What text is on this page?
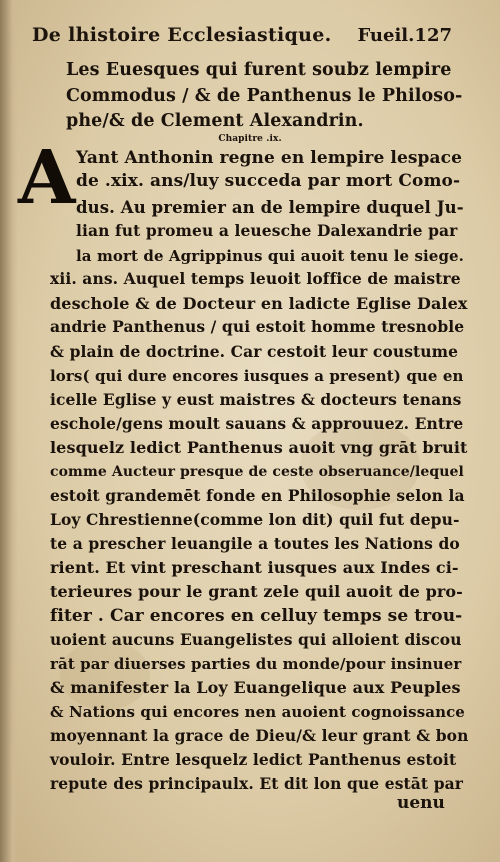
De lhistoire Ecclesiastique. Fueil.127
Les Euesques qui furent soubz lempire
Commodus / & de Panthenus le Philoso-
phe/& de Clement Alexandrin.
Chapitre .ix.
A Yant Anthonin regne en lempire lespace
de .xix. ans/luy succeda par mort Como-
dus. Au premier an de lempire duquel Ju-
lian fut promeu a leuesche Dalexandrie par
la mort de Agrippinus qui auoit tenu le siege.
xii. ans. Auquel temps leuoit loffice de maistre
deschole & de Docteur en ladicte Eglise Dalex
andrie Panthenus / qui estoit homme tresnoble
& plain de doctrine. Car cestoit leur coustume
lors( qui dure encores iusques a present) que en
icelle Eglise y eust maistres & docteurs tenans
eschole/gens moult sauans & approuuez. Entre
lesquelz ledict Panthenus auoit vng grāt bruit
comme Aucteur presque de ceste obseruance/lequel
estoit grandemēt fonde en Philosophie selon la
Loy Chrestienne(comme lon dit) quil fut depu-
te a prescher leuangile a toutes les Nations do
rient. Et vint preschant iusques aux Indes ci-
terieures pour le grant zele quil auoit de pro-
fiter . Car encores en celluy temps se trou-
uoient aucuns Euangelistes qui alloient discou
rāt par diuerses parties du monde/pour insinuer
& manifester la Loy Euangelique aux Peuples
& Nations qui encores nen auoient cognoissance
moyennant la grace de Dieu/& leur grant & bon
vouloir. Entre lesquelz ledict Panthenus estoit
repute des principaulx. Et dit lon que estāt par
uenu
